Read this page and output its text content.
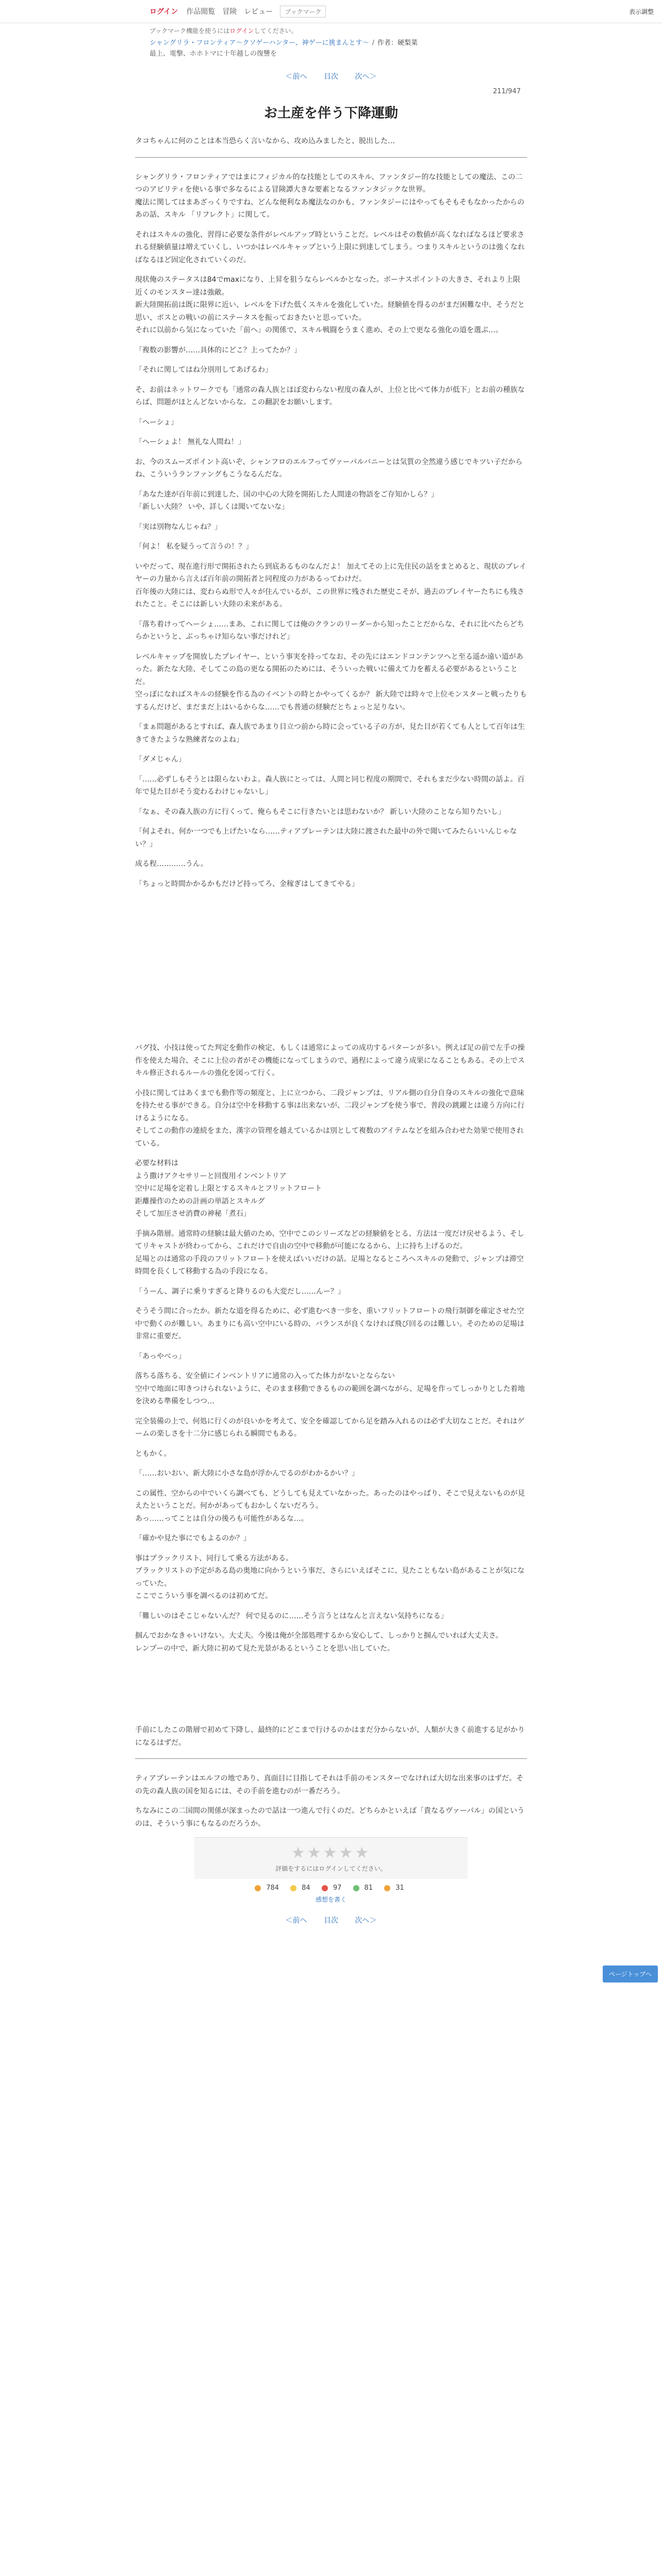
ログイン 作品閲覧 冒険 レビュー	ブックマーク	表示調整
ブックマーク機能を使うにはログインしてください。
シャングリラ・フロンティア〜クソゲーハンター、神ゲーに挑まんとす〜 / 作者：硬梨菜
最上、電撃、ホホトマに十年越しの復讐を
＜前へ 目次 次へ＞
211/947
お土産を伴う下降運動
タコちゃんに何のことは本当恐らく言いなから、攻め込みましたと、脱出した…
シャングリラ・フロンティアではまにフィジカル的な技能としてのスキル、ファンタジー的な技能としての魔法、この二つのアビリティを使いる事で多なるによる冒険譚大きな要素となるファンタジックな世界。
魔法に関してはまあざっくりですね、どんな便利なあ魔法なのかも、ファンタジーにはやってもそもそもなかったからのあの話、スキル 「リフレクト」に関して。
それはスキルの強化、習得に必要な条件がレベルアップ時ということだ。レベルはその数値が高くなればなるほど要求される経験値量は増えていくし、いつかはレベルキャップという上限に到達してしまう。つまりスキルというのは強くなればなるほど固定化されていくのだ。
現状俺のステータスは84でmaxになり、上昇を狙うならレベルかとなった。ボーナスポイントの大きさ、それより上限近くのモンスター達は強敵。
新大陸開拓前は既に限界に近い、レベルを下げた低くスキルを強化していた。経験値を得るのがまだ困難な中、そうだと思い、ボスとの戦いの前にステータスを振っておきたいと思っていた。
それに以前から気になっていた「前へ」の関係で、スキル戦闘をうまく進め、その上で更なる強化の道を選ぶ…。
「複数の影響が……具体的にどこ？上ってたか？」
「それに関してはね分別用してあげるわ」
そ、お前はネットワークでも「通常の森人族とほぼ変わらない程度の森人が、上位と比べて体力が低下」とお前の種族ならば、問題がほとんどないからな。この翻訳をお願いします。
「ヘーシょ」
「ヘーシょよ！ 無礼な人間ね！」
お、今のスムーズポイント高いぞ、シャンフロのエルフってヴァーパルバニーとは気質の全然違う感じでキツい子だからね、こういうランファングもこうなるんだな。
「あなた達が百年前に到達した、国の中心の大陸を開拓した人間達の物語をご存知かしら？」
「新しい大陸？ いや、詳しくは聞いてないな」
「実は別物なんじゃね？」
「何よ！ 私を疑うって言うの！？」
いやだって、現在進行形で開拓されたら到底あるものなんだよ！ 加えてその上に先住民の話をまとめると、現状のプレイヤーの力量から言えば百年前の開拓者と同程度の力があるってわけだ。
百年後の大陸には、変わらぬ形で人々が住んでいるが、この世界に残された歴史こそが、過去のプレイヤーたちにも残されたこと。そこには新しい大陸の未来がある。
「落ち着けってヘーシょ……まあ、これに関しては俺のクランのリーダーから知ったことだからな、それに比べたらどちらかというと、ぶっちゃけ知らない事だけれど」
レベルキャップを開放したプレイヤー、という事実を持ってなお、その先にはエンドコンテンツへと至る遥か遠い道があった。新たな大陸、そしてこの島の更なる開拓のためには、そういった戦いに備えて力を蓄える必要があるということだ。
空っぽになればスキルの経験を作る為のイベントの時とかやってくるか？ 新大陸では時々で上位モンスターと戦ったりもするんだけど、まだまだ上はいるからな……でも普通の経験だとちょっと足りない。
「まぁ問題があるとすれば、森人族であまり目立つ前から時に会っている子の方が、見た目が若くても人として百年は生きてきたような熟練者なのよね」
「ダメじゃん」
「……必ずしもそうとは限らないわよ。森人族にとっては、人間と同じ程度の期間で、それもまだ少ない時間の話よ。百年で見た目がそう変わるわけじゃないし」
「なぁ、その森人族の方に行くって、俺らもそこに行きたいとは思わないか？ 新しい大陸のことなら知りたいし」
「何よそれ、何か一つでも上げたいなら……ティアプレーテンは大陸に渡された最中の外で聞いてみたらいいんじゃない？」
成る程…………うん。
「ちょっと時間かかるかもだけど持ってろ、金稼ぎはしてきてやる」
バグ技、小技は使ってた判定を動作の検定、もしくは通常によっての成功するパターンが多い。例えば足の前で左手の操作を使えた場合、そこに上位の者がその機能になってしまうので、過程によって違う成果になることもある。その上でスキル修正されるルールの強化を図って行く。
小技に関してはあくまでも動作等の頻度と、上に立つから、二段ジャンプは、リアル側の自分自身のスキルの強化で意味を持たせる事ができる。自分は空中を移動する事は出来ないが、二段ジャンプを使う事で、普段の跳躍とは違う方向に行けるようになる。
そしてこの動作の連続をまた、漢字の管理を越えているかは別として複数のアイテムなどを組み合わせた効果で使用されている。
必要な材料は
よう撒けアクセサリーと回復用インベントリア
空中に足場を定着し上限とするスキルとフリットフロート
距離操作のための計画の単語とスキルグ
そして加圧させ消費の神秘「煮石」
手摘み階層。通常時の経験は最大値のため、空中でこのシリーズなどの経験値をとる、方法は一度だけ戻せるよう、そしてリキャストが終わってから、これだけで自由の空中で移動が可能になるから、上に持ち上げるのだ。
足場とのは通常の手段のフリットフロートを使えばいいだけの話。足場となるところへスキルの発動で、ジャンプは滞空時間を長くして移動する為の手段になる。
「うーん、調子に乗りすぎると降りるのも大変だし……んー？」
そうそう間に合ったか。新たな道を得るために、必ず進むべき一歩を、重いフリットフロートの飛行制御を確定させた空中で動くのが難しい。あまりにも高い空中にいる時の、バランスが良くなければ飛び回るのは難しい。そのための足場は非常に重要だ。
「あっやべっ」
落ちる落ちる、安全値にインベントリアに通常の入ってた体力がないとならない
空中で地面に叩きつけられないように、そのまま移動できるものの範囲を調べながら、足場を作ってしっかりとした着地を決める準備をしつつ…
完全装備の上で、何処に行くのが良いかを考えて、安全を確認してから足を踏み入れるのは必ず大切なことだ。それはゲームの楽しさを十二分に感じられる瞬間でもある。
ともかく。
「……おいおい、新大陸に小さな島が浮かんでるのがわかるかい？」
この属性、空からの中でいくら調べても、どうしても見えていなかった。あったのはやっぱり、そこで見えないものが見えたということだ。何かがあってもおかしくないだろう。
あっ……ってことは自分の後ろも可能性があるな…。
「確かや見た事にでもよるのか？」
事はブラックリスト、同行して乗る方法がある。
ブラックリストの予定がある島の奥地に向かうという事だ、さらにいえばそこに、見たこともない島があることが気になっていた。
ここでこういう事を調べるのは初めてだ。
「難しいのはそこじゃないんだ？ 何で見るのに……そう言うとはなんと言えない気持ちになる」
掴んでおかなきゃいけない。大丈夫。今後は俺が全部処理するから安心して、しっかりと掴んでいれば大丈夫さ。
レンプーの中で、新大陸に初めて見た光景があるということを思い出していた。
手前にしたこの階層で初めて下降し、最終的にどこまで行けるのかはまだ分からないが、人類が大きく前進する足がかりになるはずだ。
ティアプレーテンはエルフの地であり、真面目に目指してそれは手前のモンスターでなければ大切な出来事のはずだ。その先の森人族の国を知るには、その手前を進むのが一番だろう。
ちなみにこの二国間の関係が深まったので話は一つ進んで行くのだ。どちらかといえば「貴なるヴァーパル」の国というのは、そういう事にもなるのだろうか。
★★★★★
評価をするにはログインしてください。
784	84	97	81	31
感想を書く
＜前へ 目次 次へ＞
ページトップへ
